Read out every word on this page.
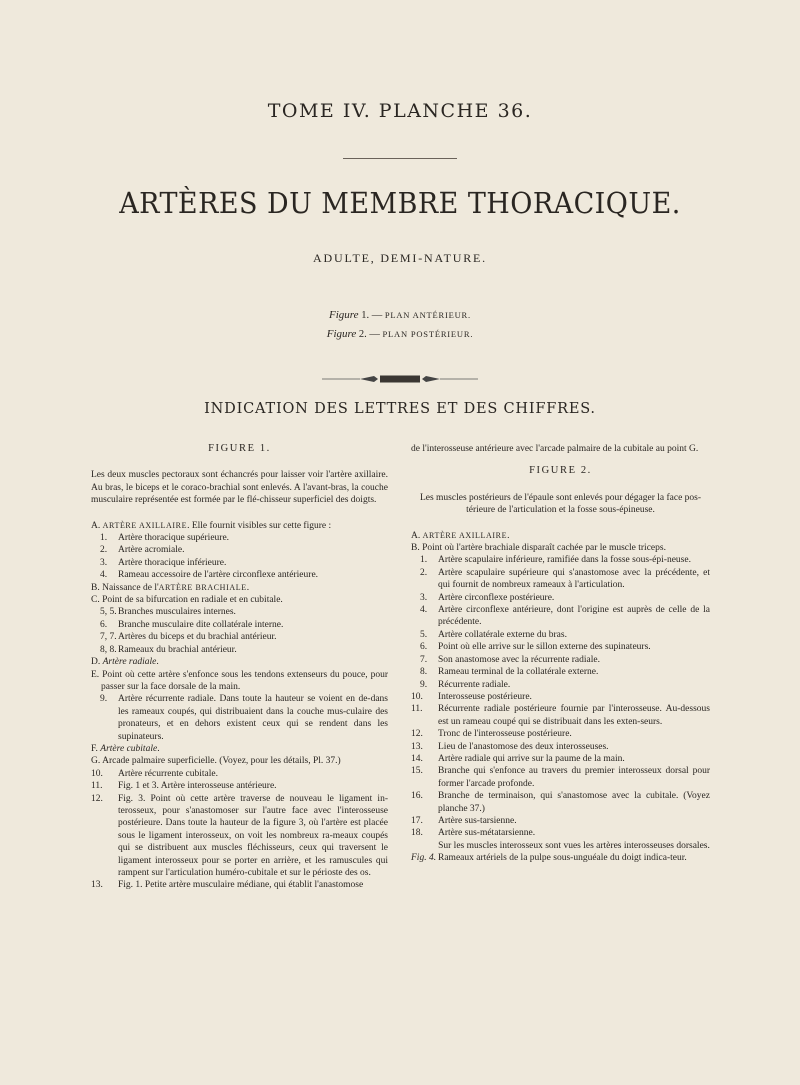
TOME IV. PLANCHE 36.
ARTÈRES DU MEMBRE THORACIQUE.
ADULTE, DEMI-NATURE.
Figure 1. — PLAN ANTÉRIEUR.
Figure 2. — PLAN POSTÉRIEUR.
INDICATION DES LETTRES ET DES CHIFFRES.
FIGURE 1.

Les deux muscles pectoraux sont échancrés pour laisser voir l'artère axillaire. Au bras, le biceps et le coraco-brachial sont enlevés. A l'avant-bras, la couche musculaire représentée est formée par le flé-chisseur superficiel des doigts.

A. ARTÈRE AXILLAIRE. Elle fournit visibles sur cette figure :

1. Artère thoracique supérieure.

2. Artère acromiale.

3. Artère thoracique inférieure.

4. Rameau accessoire de l'artère circonflexe antérieure.

B. Naissance de l'ARTÈRE BRACHIALE.

C. Point de sa bifurcation en radiale et en cubitale.

5, 5. Branches musculaires internes.

6. Branche musculaire dite collatérale interne.

7, 7. Artères du biceps et du brachial antérieur.

8, 8. Rameaux du brachial antérieur.

D. Artère radiale.

E. Point où cette artère s'enfonce sous les tendons extenseurs du pouce, pour passer sur la face dorsale de la main.

9. Artère récurrente radiale. Dans toute la hauteur se voient en de-dans les rameaux coupés, qui distribuaient dans la couche mus-culaire des pronateurs, et en dehors existent ceux qui se rendent dans les supinateurs.

F. Artère cubitale.

G. Arcade palmaire superficielle. (Voyez, pour les détails, Pl. 37.)

10. Artère récurrente cubitale.

11. Fig. 1 et 3. Artère interosseuse antérieure.

12. Fig. 3. Point où cette artère traverse de nouveau le ligament in-terosseux, pour s'anastomoser sur l'autre face avec l'interosseuse postérieure. Dans toute la hauteur de la figure 3, où l'artère est placée sous le ligament interosseux, on voit les nombreux ra-meaux coupés qui se distribuent aux muscles fléchisseurs, ceux qui traversent le ligament interosseux pour se porter en arrière, et les ramuscules qui rampent sur l'articulation huméro-cubitale et sur le périoste des os.

13. Fig. 1. Petite artère musculaire médiane, qui établit l'anastomose

de l'interosseuse antérieure avec l'arcade palmaire de la cubitale au point G.

FIGURE 2.

Les muscles postérieurs de l'épaule sont enlevés pour dégager la face pos-térieure de l'articulation et la fosse sous-épineuse.

A. ARTÈRE AXILLAIRE.

B. Point où l'artère brachiale disparaît cachée par le muscle triceps.

1. Artère scapulaire inférieure, ramifiée dans la fosse sous-épi-neuse.

2. Artère scapulaire supérieure qui s'anastomose avec la précédente, et qui fournit de nombreux rameaux à l'articulation.

3. Artère circonflexe postérieure.

4. Artère circonflexe antérieure, dont l'origine est auprès de celle de la précédente.

5. Artère collatérale externe du bras.

6. Point où elle arrive sur le sillon externe des supinateurs.

7. Son anastomose avec la récurrente radiale.

8. Rameau terminal de la collatérale externe.

9. Récurrente radiale.

10. Interosseuse postérieure.

11. Récurrente radiale postérieure fournie par l'interosseuse. Au-dessous est un rameau coupé qui se distribuait dans les exten-seurs.

12. Tronc de l'interosseuse postérieure.

13. Lieu de l'anastomose des deux interosseuses.

14. Artère radiale qui arrive sur la paume de la main.

15. Branche qui s'enfonce au travers du premier interosseux dorsal pour former l'arcade profonde.

16. Branche de terminaison, qui s'anastomose avec la cubitale. (Voyez planche 37.)

17. Artère sus-tarsienne.

18. Artère sus-métatarsienne.

Sur les muscles interosseux sont vues les artères interosseuses dorsales.

Fig. 4. Rameaux artériels de la pulpe sous-unguéale du doigt indica-teur.
